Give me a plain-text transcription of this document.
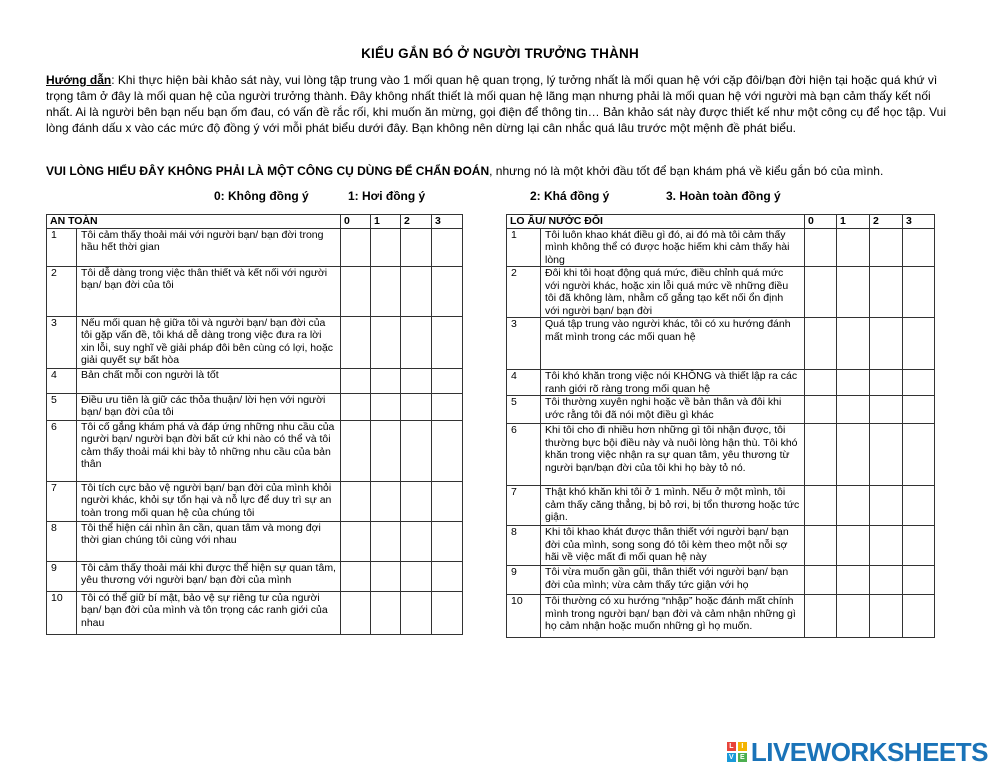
KIỂU GẮN BÓ Ở NGƯỜI TRƯỞNG THÀNH
Hướng dẫn: Khi thực hiện bài khảo sát này, vui lòng tập trung vào 1 mối quan hệ quan trọng, lý tưởng nhất là mối quan hệ với cặp đôi/bạn đời hiện tại hoặc quá khứ vì trọng tâm ở đây là mối quan hệ của người trưởng thành. Đây không nhất thiết là mối quan hệ lãng mạn nhưng phải là mối quan hệ với người mà bạn cảm thấy kết nối nhất. Ai là người bên bạn nếu bạn ốm đau, có vấn đề rắc rối, khi muốn ăn mừng, gọi điện để thông tin… Bản khảo sát này được thiết kế như một công cụ để học tập. Vui lòng đánh dấu x vào các mức độ đồng ý với mỗi phát biểu dưới đây. Bạn không nên dừng lại cân nhắc quá lâu trước một mệnh đề phát biểu.
VUI LÒNG HIỂU ĐÂY KHÔNG PHẢI LÀ MỘT CÔNG CỤ DÙNG ĐỂ CHẨN ĐOÁN, nhưng nó là một khởi đầu tốt để bạn khám phá về kiểu gắn bó của mình.
0: Không đồng ý	1: Hơi đồng ý	2: Khá đồng ý	3. Hoàn toàn đồng ý
AN TOÀN		0	1	2	3
1	Tôi cảm thấy thoải mái với người bạn/ bạn đời trong hầu hết thời gian				
2	Tôi dễ dàng trong việc thân thiết và kết nối với người bạn/ bạn đời của tôi				
3	Nếu mối quan hệ giữa tôi và người bạn/ bạn đời của tôi gặp vấn đề, tôi khá dễ dàng trong việc đưa ra lời xin lỗi, suy nghĩ về giải pháp đôi bên cùng có lợi, hoặc giải quyết sự bất hòa				
4	Bản chất mỗi con người là tốt				
5	Điều ưu tiên là giữ các thỏa thuận/ lời hẹn với người bạn/ bạn đời của tôi				
6	Tôi cố gắng khám phá và đáp ứng những nhu cầu của người bạn/ người bạn đời bất cứ khi nào có thể và tôi cảm thấy thoải mái khi bày tỏ những nhu cầu của bản thân				
7	Tôi tích cực bảo vệ người bạn/ bạn đời của mình khỏi người khác, khỏi sự tổn hại và nỗ lực để duy trì sự an toàn trong mối quan hệ của chúng tôi				
8	Tôi thể hiện cái nhìn ân cần, quan tâm và mong đợi thời gian chúng tôi cùng với nhau				
9	Tôi cảm thấy thoải mái khi được thể hiện sự quan tâm, yêu thương với người bạn/ bạn đời của mình				
10	Tôi có thể giữ bí mật, bảo vệ sự riêng tư của người bạn/ bạn đời của mình và tôn trọng các ranh giới của nhau				
LO ÂU/ NƯỚC ĐÔI		0	1	2	3
1	Tôi luôn khao khát điều gì đó, ai đó mà tôi cảm thấy mình không thể có được hoặc hiếm khi cảm thấy hài lòng				
2	Đôi khi tôi hoạt động quá mức, điều chỉnh quá mức với người khác, hoặc xin lỗi quá mức về những điều tôi đã không làm, nhằm cố gắng tạo kết nối ổn định với người bạn/ bạn đời				
3	Quá tập trung vào người khác, tôi có xu hướng đánh mất mình trong các mối quan hệ				
4	Tôi khó khăn trong việc nói KHÔNG và thiết lập ra các ranh giới rõ ràng trong mối quan hệ				
5	Tôi thường xuyên nghi hoặc về bản thân và đôi khi ước rằng tôi đã nói một điều gì khác				
6	Khi tôi cho đi nhiều hơn những gì tôi nhận được, tôi thường bực bội điều này và nuôi lòng hận thù. Tôi khó khăn trong việc nhận ra sự quan tâm, yêu thương từ người bạn/bạn đời của tôi khi họ bày tỏ nó.				
7	Thật khó khăn khi tôi ở 1 mình. Nếu ở một mình, tôi cảm thấy căng thẳng, bị bỏ rơi, bị tổn thương hoặc tức giận.				
8	Khi tôi khao khát được thân thiết với người bạn/ bạn đời của mình, song song đó tôi kèm theo một nỗi sợ hãi về việc mất đi mối quan hệ này				
9	Tôi vừa muốn gần gũi, thân thiết với người bạn/ bạn đời của mình; vừa cảm thấy tức giận với họ				
10	Tôi thường có xu hướng “nhập” hoặc đánh mất chính mình trong người bạn/ bạn đời và cảm nhận những gì họ cảm nhận hoặc muốn những gì họ muốn.				
L	I
V E LIVEWORKSHEETS
